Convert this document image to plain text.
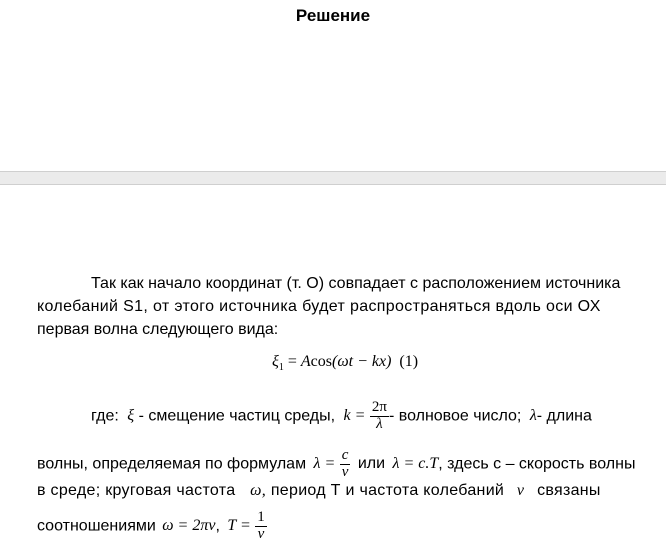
Решение
Так как начало координат (т. О) совпадает с расположением источника
колебаний S1, от этого источника будет распространяться вдоль оси ОХ
первая волна следующего вида:
$\xi_1 = Acos(\omega t - kx)$ (1)
где: ξ - смещение частиц среды, $k = \frac{2\pi}{\lambda}$ - волновое число; λ- длина
волны, определяемая по формулам $\lambda = \frac{c}{\nu}$ или λ = c.T, здесь с – скорость волны
в среде; круговая частота ω, период Т и частота колебаний ν связаны
соотношениями ω = 2πν, $T = \frac{1}{\nu}$
